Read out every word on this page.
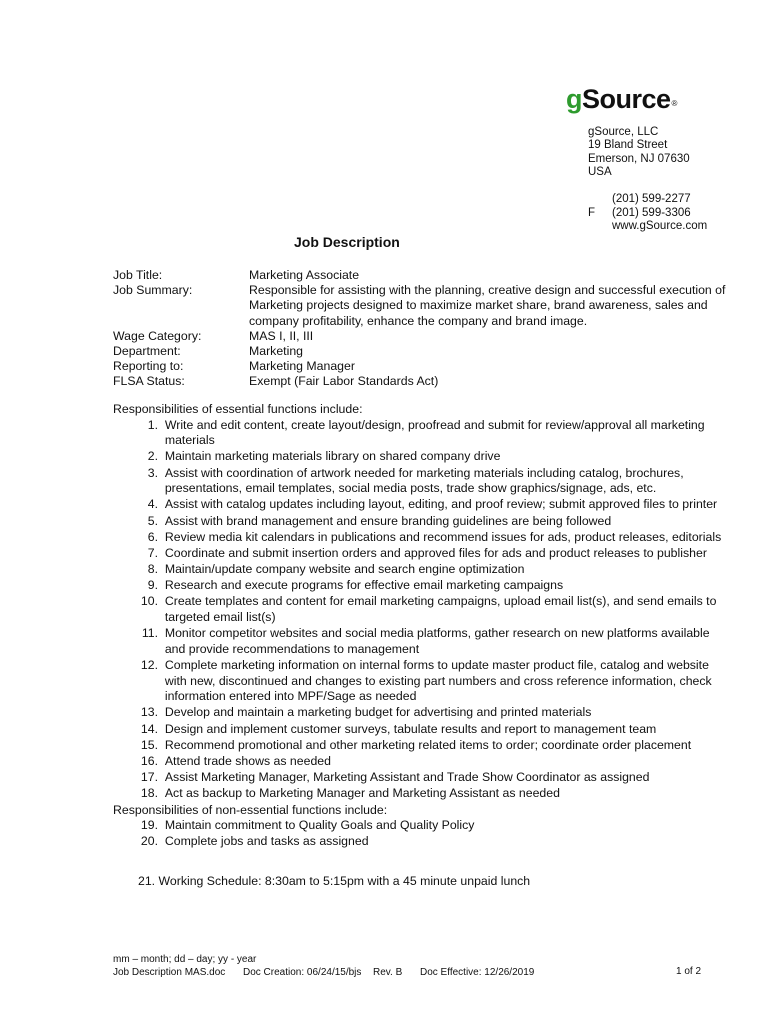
gSource®
gSource, LLC
19 Bland Street
Emerson, NJ 07630
USA
(201) 599-2277
F	(201) 599-3306
www.gSource.com
Job Description
Job Title:	Marketing Associate
Job Summary:	Responsible for assisting with the planning, creative design and successful execution of Marketing projects designed to maximize market share, brand awareness, sales and company profitability, enhance the company and brand image.
Wage Category:	MAS I, II, III
Department:	Marketing
Reporting to:	Marketing Manager
FLSA Status:	Exempt (Fair Labor Standards Act)
Responsibilities of essential functions include:
1.
Write and edit content, create layout/design, proofread and submit for review/approval all marketing materials
2.
Maintain marketing materials library on shared company drive
3.
Assist with coordination of artwork needed for marketing materials including catalog, brochures, presentations, email templates, social media posts, trade show graphics/signage, ads, etc.
4.
Assist with catalog updates including layout, editing, and proof review; submit approved files to printer
5.
Assist with brand management and ensure branding guidelines are being followed
6.
Review media kit calendars in publications and recommend issues for ads, product releases, editorials
7.
Coordinate and submit insertion orders and approved files for ads and product releases to publisher
8.
Maintain/update company website and search engine optimization
9.
Research and execute programs for effective email marketing campaigns
10.
Create templates and content for email marketing campaigns, upload email list(s), and send emails to targeted email list(s)
11.
Monitor competitor websites and social media platforms, gather research on new platforms available and provide recommendations to management
12.
Complete marketing information on internal forms to update master product file, catalog and website with new, discontinued and changes to existing part numbers and cross reference information, check information entered into MPF/Sage as needed
13.
Develop and maintain a marketing budget for advertising and printed materials
14.
Design and implement customer surveys, tabulate results and report to management team
15.
Recommend promotional and other marketing related items to order; coordinate order placement
16.
Attend trade shows as needed
17.
Assist Marketing Manager, Marketing Assistant and Trade Show Coordinator as assigned
18.
Act as backup to Marketing Manager and Marketing Assistant as needed
Responsibilities of non-essential functions include:
19.
Maintain commitment to Quality Goals and Quality Policy
20.
Complete jobs and tasks as assigned
21. Working Schedule: 8:30am to 5:15pm with a 45 minute unpaid lunch
mm – month; dd – day; yy - year
Job Description MAS.doc	Doc Creation: 06/24/15/bjs	Rev. B	Doc Effective: 12/26/2019	1 of 2
